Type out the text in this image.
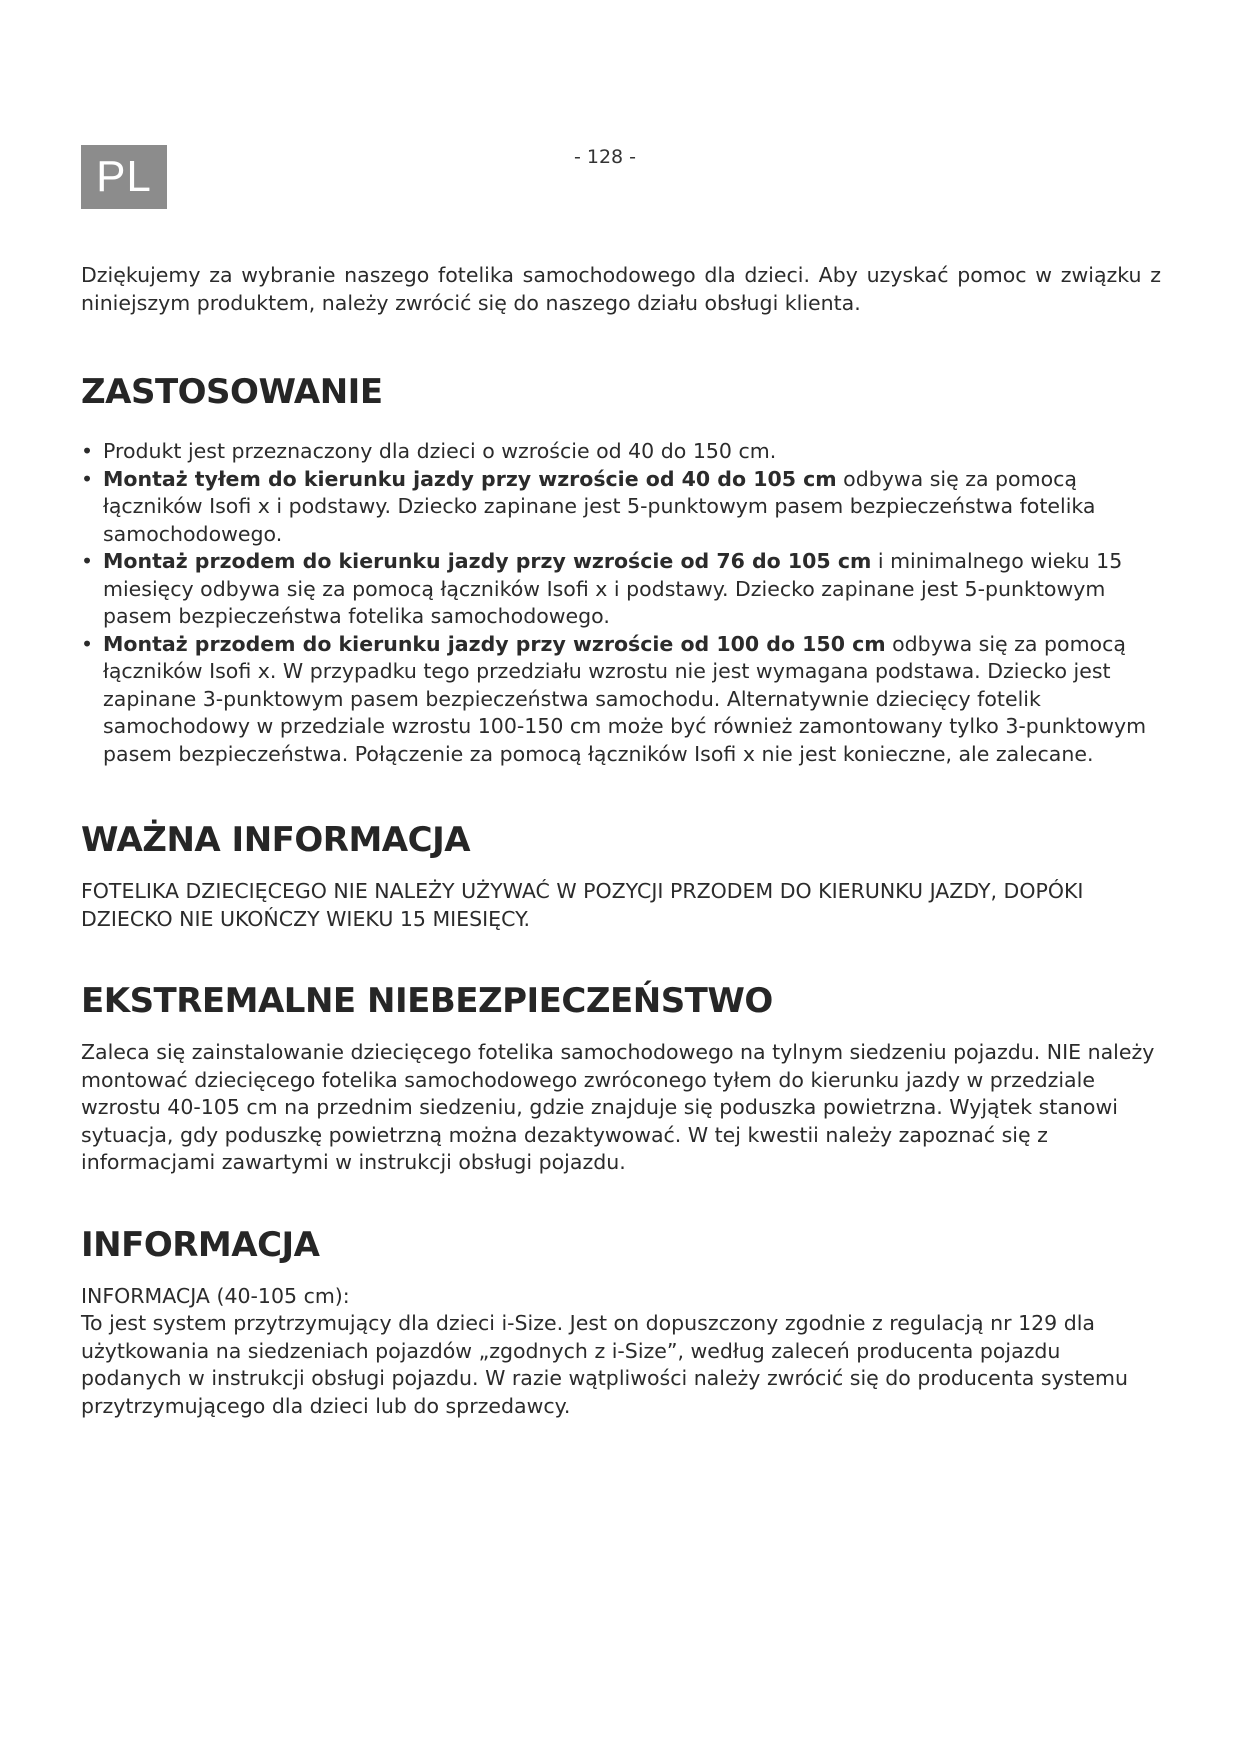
PL	- 128 -

Dziękujemy za wybranie naszego fotelika samochodowego dla dzieci. Aby uzyskać pomoc w związku z niniejszym produktem, należy zwrócić się do naszego działu obsługi klienta.

ZASTOSOWANIE
• Produkt jest przeznaczony dla dzieci o wzroście od 40 do 150 cm.
• Montaż tyłem do kierunku jazdy przy wzroście od 40 do 105 cm odbywa się za pomocą łączników Isofi x i podstawy. Dziecko zapinane jest 5-punktowym pasem bezpieczeństwa fotelika samochodowego.
• Montaż przodem do kierunku jazdy przy wzroście od 76 do 105 cm i minimalnego wieku 15 miesięcy odbywa się za pomocą łączników Isofi x i podstawy. Dziecko zapinane jest 5-punktowym pasem bezpieczeństwa fotelika samochodowego.
• Montaż przodem do kierunku jazdy przy wzroście od 100 do 150 cm odbywa się za pomocą łączników Isofi x. W przypadku tego przedziału wzrostu nie jest wymagana podstawa. Dziecko jest zapinane 3-punktowym pasem bezpieczeństwa samochodu. Alternatywnie dziecięcy fotelik samochodowy w przedziale wzrostu 100-150 cm może być również zamontowany tylko 3-punktowym pasem bezpieczeństwa. Połączenie za pomocą łączników Isofi x nie jest konieczne, ale zalecane.
WAŻNA INFORMACJA

FOTELIKA DZIECIĘCEGO NIE NALEŻY UŻYWAĆ W POZYCJI PRZODEM DO KIERUNKU JAZDY, DOPÓKI DZIECKO NIE UKOŃCZY WIEKU 15 MIESIĘCY.

EKSTREMALNE NIEBEZPIECZEŃSTWO

Zaleca się zainstalowanie dziecięcego fotelika samochodowego na tylnym siedzeniu pojazdu. NIE należy montować dziecięcego fotelika samochodowego zwróconego tyłem do kierunku jazdy w przedziale wzrostu 40-105 cm na przednim siedzeniu, gdzie znajduje się poduszka powietrzna. Wyjątek stanowi sytuacja, gdy poduszkę powietrzną można dezaktywować. W tej kwestii należy zapoznać się z informacjami zawartymi w instrukcji obsługi pojazdu.

INFORMACJA

INFORMACJA (40-105 cm):

To jest system przytrzymujący dla dzieci i-Size. Jest on dopuszczony zgodnie z regulacją nr 129 dla użytkowania na siedzeniach pojazdów „zgodnych z i-Size”, według zaleceń producenta pojazdu podanych w instrukcji obsługi pojazdu. W razie wątpliwości należy zwrócić się do producenta systemu przytrzymującego dla dzieci lub do sprzedawcy.
